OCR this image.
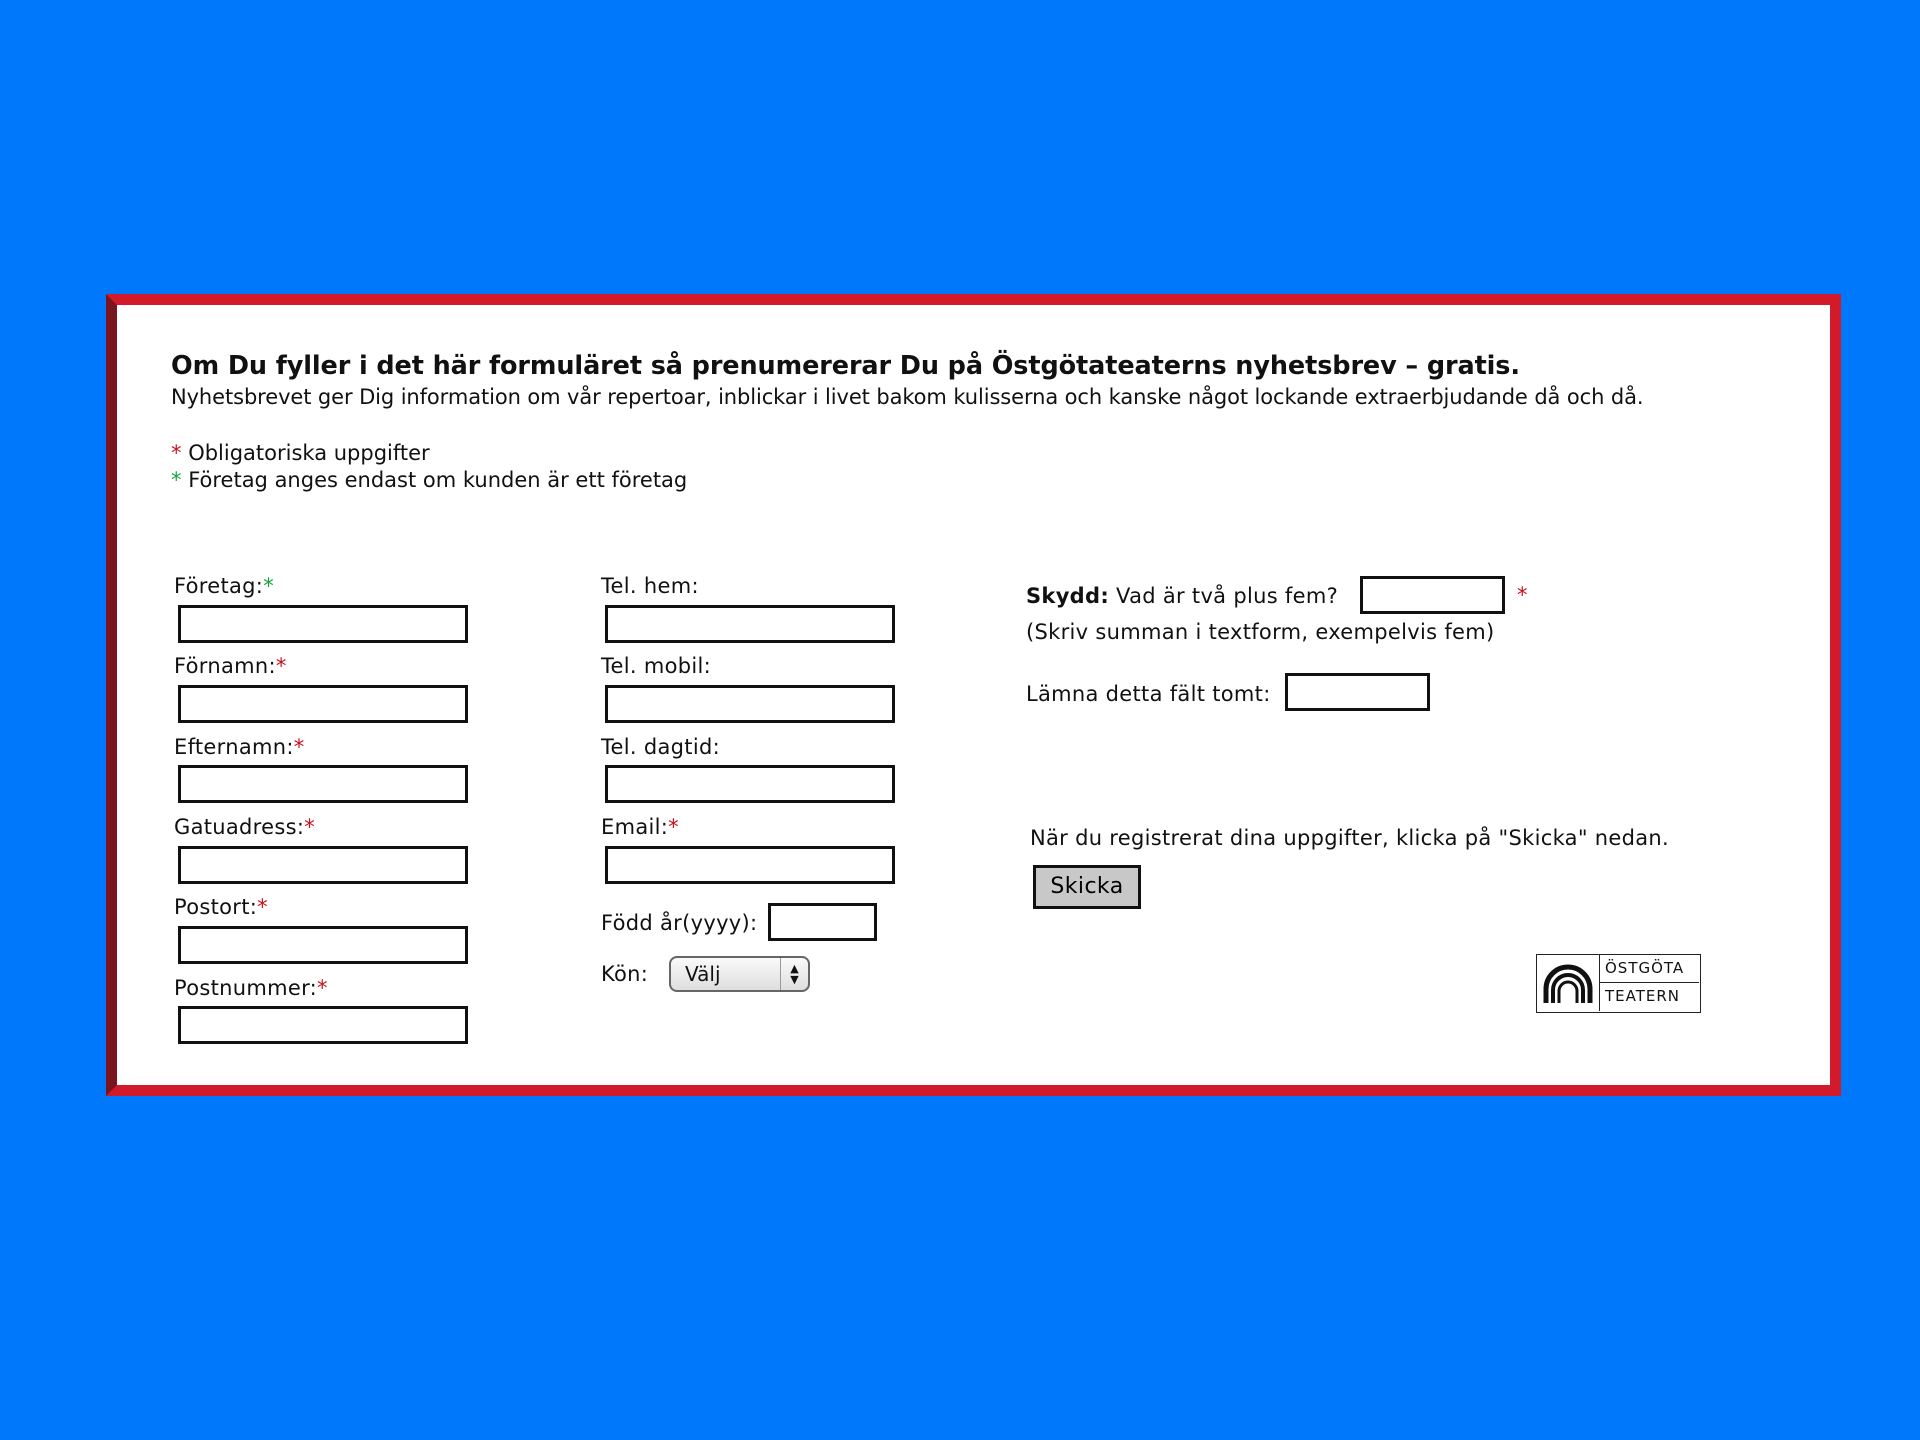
Om Du fyller i det här formuläret så prenumererar Du på Östgötateaterns nyhetsbrev – gratis.
Nyhetsbrevet ger Dig information om vår repertoar, inblickar i livet bakom kulisserna och kanske något lockande extraerbjudande då och då.
* Obligatoriska uppgifter
* Företag anges endast om kunden är ett företag
Företag:*
Förnamn:*
Efternamn:*
Gatuadress:*
Postort:*
Postnummer:*
Tel. hem:
Tel. mobil:
Tel. dagtid:
Email:*
Född år(yyyy):
Kön:	Välj	▲
▼
Skydd: Vad är två plus fem?	*
(Skriv summan i textform, exempelvis fem)
Lämna detta fält tomt:
När du registrerat dina uppgifter, klicka på "Skicka" nedan.
Skicka
ÖSTGÖTA
TEATERN
